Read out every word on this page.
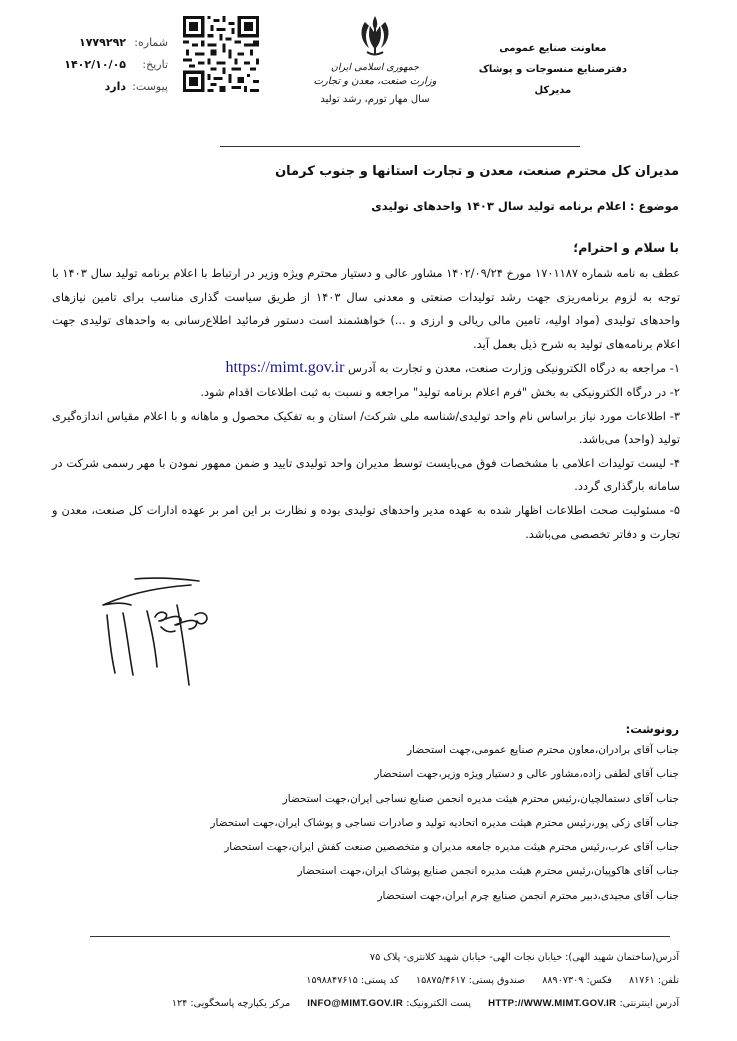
معاونت صنایع عمومی
دفترصنایع منسوجات و پوشاک
مدیرکل
جمهوری اسلامی ایران
وزارت صنعت، معدن و تجارت
سال مهار تورم، رشد تولید
شماره:
۱۷۷۹۲۹۲
تاریخ:
۱۴۰۲/۱۰/۰۵
پیوست:
دارد
مدیران کل محترم صنعت، معدن و تجارت استانها و جنوب کرمان
موضوع : اعلام برنامه تولید سال ۱۴۰۳ واحدهای تولیدی
با سلام و احترام؛

عطف به نامه شماره ۱۷۰۱۱۸۷ مورخ ۱۴۰۲/۰۹/۲۴ مشاور عالی و دستیار محترم ویژه وزیر در ارتباط با اعلام برنامه تولید سال ۱۴۰۳ با توجه به لزوم برنامه‌ریزی جهت رشد تولیدات صنعتی و معدنی سال ۱۴۰۳ از طریق سیاست گذاری مناسب برای تامین نیازهای واحدهای تولیدی (مواد اولیه، تامین مالی ریالی و ارزی و ...) خواهشمند است دستور فرمائید اطلاع‌رسانی به واحدهای تولیدی جهت اعلام برنامه‌های تولید به شرح ذیل بعمل آید.

۱- مراجعه به درگاه الکترونیکی وزارت صنعت، معدن و تجارت به آدرس https://mimt.gov.ir

۲- در درگاه الکترونیکی به بخش "فرم اعلام برنامه تولید" مراجعه و نسبت به ثبت اطلاعات اقدام شود.

۳- اطلاعات مورد نیاز براساس نام واحد تولیدی/شناسه ملی شرکت/ استان و به تفکیک محصول و ماهانه و با اعلام مقیاس اندازه‌گیری تولید (واحد) می‌باشد.

۴- لیست تولیدات اعلامی با مشخصات فوق می‌بایست توسط مدیران واحد تولیدی تایید و ضمن ممهور نمودن با مهر رسمی شرکت در سامانه بارگذاری گردد.

۵- مسئولیت صحت اطلاعات اظهار شده به عهده مدیر واحدهای تولیدی بوده و نظارت بر این امر بر عهده ادارات کل صنعت، معدن و تجارت و دفاتر تخصصی می‌باشد.

رونوشت:
جناب آقای برادران،معاون محترم صنایع عمومی،جهت استحضار
جناب آقای لطفی زاده،مشاور عالی و دستیار ویژه وزیر،جهت استحضار
جناب آقای دستمالچیان،رئیس محترم هیئت مدیره انجمن صنایع نساجی ایران،جهت استحضار
جناب آقای زکی پور،رئیس محترم هیئت مدیره اتحادیه تولید و صادرات نساجی و پوشاک ایران،جهت استحضار
جناب آقای عرب،رئیس محترم هیئت مدیره جامعه مدیران و متخصصین صنعت کفش ایران،جهت استحضار
جناب آقای هاکوپیان،رئیس محترم هیئت مدیره انجمن صنایع پوشاک ایران،جهت استحضار
جناب آقای مجیدی،دبیر محترم انجمن صنایع چرم ایران،جهت استحضار
آدرس(ساختمان شهید الهی): خیابان نجات الهی- خیابان شهید کلانتری- پلاک ۷۵
تلفن: ۸۱۷۶۱ فکس: ۸۸۹۰۷۳۰۹ صندوق پستی: ۱۵۸۷۵/۴۶۱۷ کد پستی: ۱۵۹۸۸۴۷۶۱۵
آدرس اینترنتی: HTTP://WWW.MIMT.GOV.IR پست الکترونیک: INFO@MIMT.GOV.IR مرکز یکپارچه پاسخگویی: ۱۲۴
